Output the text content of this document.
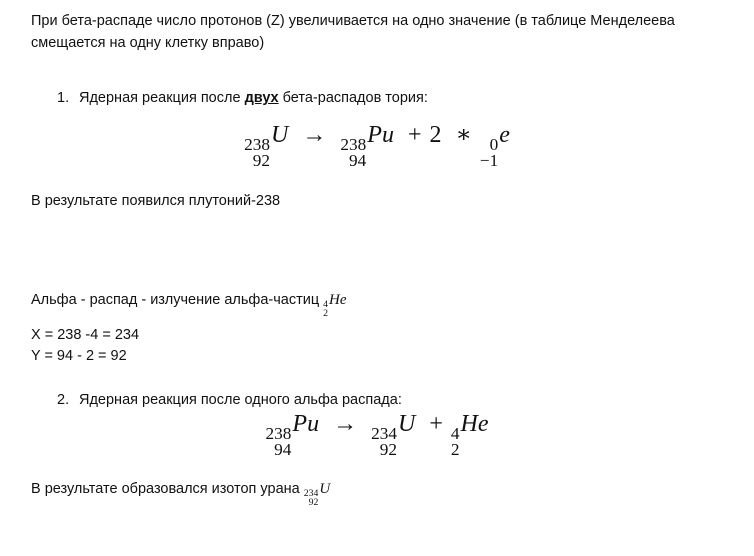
При бета-распаде число протонов (Z) увеличивается на одно значение (в таблице Менделеева смещается на одну клетку вправо)
1. Ядерная реакция после двух бета-распадов тория:
238
92
U → 238
94
Pu + 2 ∗ 0
−1
e
В результате появился плутоний-238
Альфа - распад - излучение альфа-частиц 4
2
He
X = 238 -4 = 234
Y = 94 - 2 = 92
2. Ядерная реакция после одного альфа распада:
238
94
Pu → 234
92
U + 4
2
He
В результате образовался изотоп урана 234
92
U
